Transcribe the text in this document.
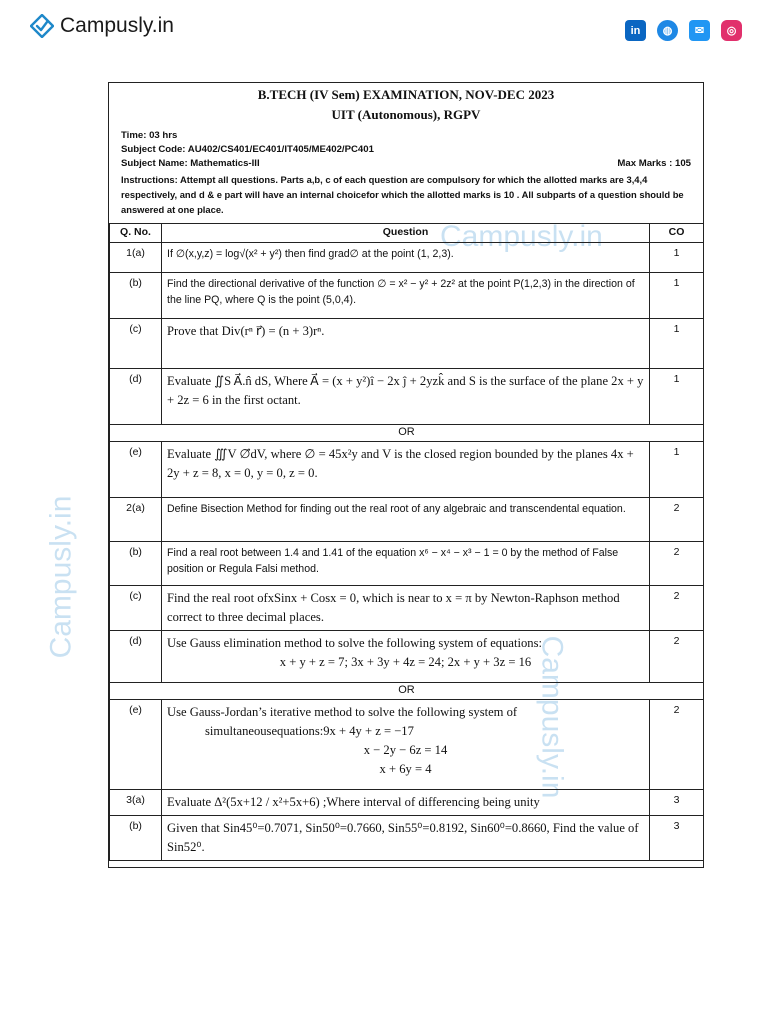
Campusly.in	in	◍	✉	◎
Campusly.in
Campusly.in
Campusly.in
B.TECH (IV Sem) EXAMINATION, NOV-DEC 2023
UIT (Autonomous), RGPV
Time: 03 hrs
Subject Code: AU402/CS401/EC401/IT405/ME402/PC401
Subject Name: Mathematics-III	Max Marks : 105
Instructions: Attempt all questions. Parts a,b, c of each question are compulsory for which the allotted marks are 3,4,4 respectively, and d & e part will have an internal choicefor which the allotted marks is 10 . All subparts of a question should be answered at one place.
Q. No.	Question	CO
1(a)	If ∅(x,y,z) = log√(x² + y²) then find grad∅ at the point (1, 2,3).	1
(b)	Find the directional derivative of the function ∅ = x² − y² + 2z² at the point P(1,2,3) in the direction of the line PQ, where Q is the point (5,0,4).	1
(c)	Prove that Div(rⁿ r⃗) = (n + 3)rⁿ.	1
(d)	Evaluate ∬S A⃗.n̂ dS, Where A⃗ = (x + y²)î − 2x ĵ + 2yzk̂ and S is the surface of the plane 2x + y + 2z = 6 in the first octant.	1
OR		
(e)	Evaluate ∭V ∅⃗dV, where ∅ = 45x²y and V is the closed region bounded by the planes 4x + 2y + z = 8, x = 0, y = 0, z = 0.	1
2(a)	Define Bisection Method for finding out the real root of any algebraic and transcendental equation.	2
(b)	Find a real root between 1.4 and 1.41 of the equation x⁶ − x⁴ − x³ − 1 = 0 by the method of False position or Regula Falsi method.	2
(c)	Find the real root ofxSinx + Cosx = 0, which is near to x = π by Newton-Raphson method correct to three decimal places.	2
(d)	Use Gauss elimination method to solve the following system of equations:
x + y + z = 7; 3x + 3y + 4z = 24; 2x + y + 3z = 16	2
OR		
(e)	Use Gauss-Jordan’s iterative method to solve the following system of
simultaneousequations:9x + 4y + z = −17
x − 2y − 6z = 14
x + 6y = 4	2
3(a)	Evaluate Δ²(5x+12 / x²+5x+6) ;Where interval of differencing being unity	3
(b)	Given that Sin45⁰=0.7071, Sin50⁰=0.7660, Sin55⁰=0.8192, Sin60⁰=0.8660, Find the value of Sin52⁰.	3
